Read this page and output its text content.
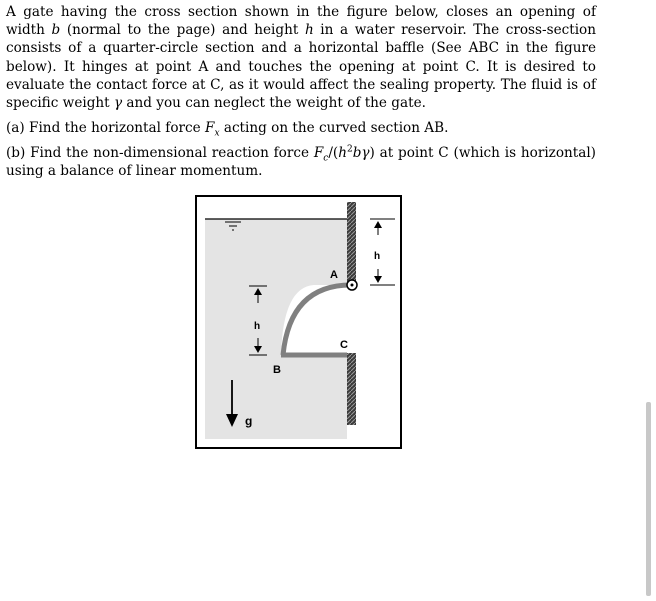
A gate having the cross section shown in the figure below, closes an opening of width b (normal to the page) and height h in a water reservoir. The cross-section consists of a quarter-circle section and a horizontal baffle (See ABC in the figure below). It hinges at point A and touches the opening at point C. It is desired to evaluate the contact force at C, as it would affect the sealing property. The fluid is of specific weight γ and you can neglect the weight of the gate.

(a) Find the horizontal force $F_x$ acting on the curved section AB.

(b) Find the non-dimensional reaction force $F_c/(h^2b\gamma)$ at point C (which is horizontal) using a balance of linear momentum.

A
B
C
h
h
g
